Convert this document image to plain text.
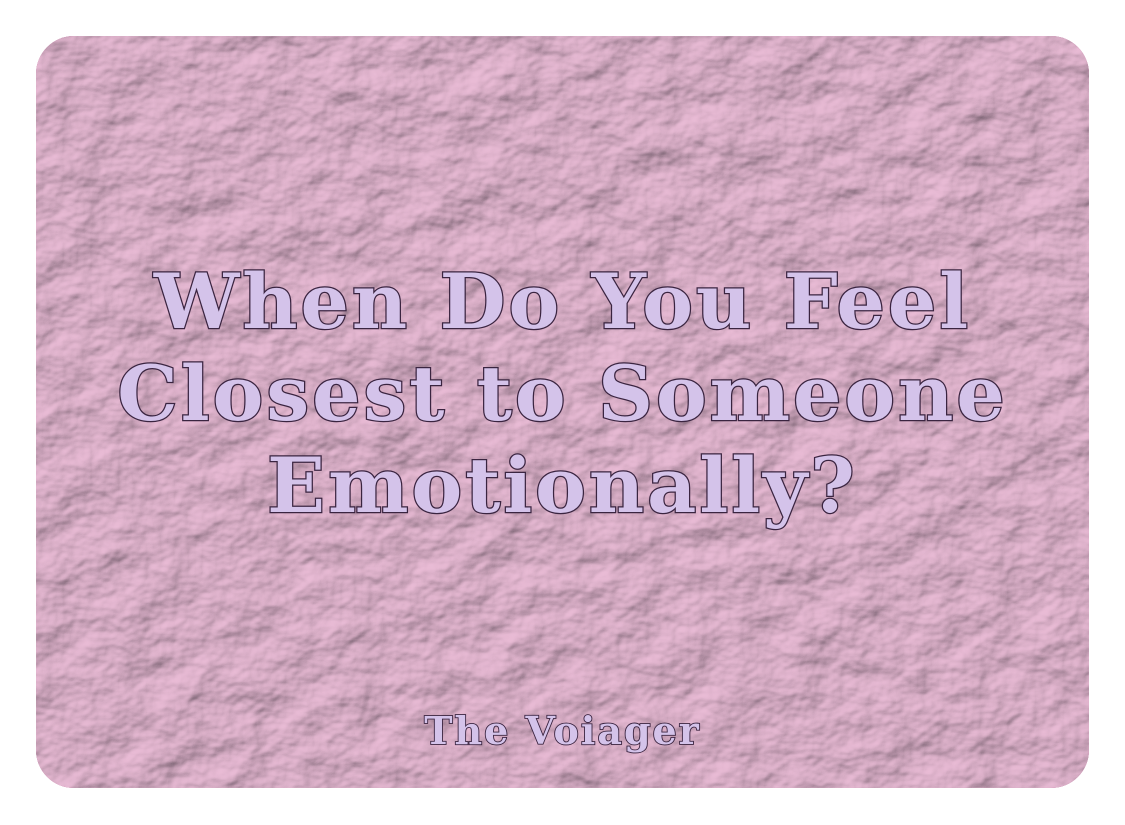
When Do You Feel
Closest to Someone
Emotionally?
The Voiager
